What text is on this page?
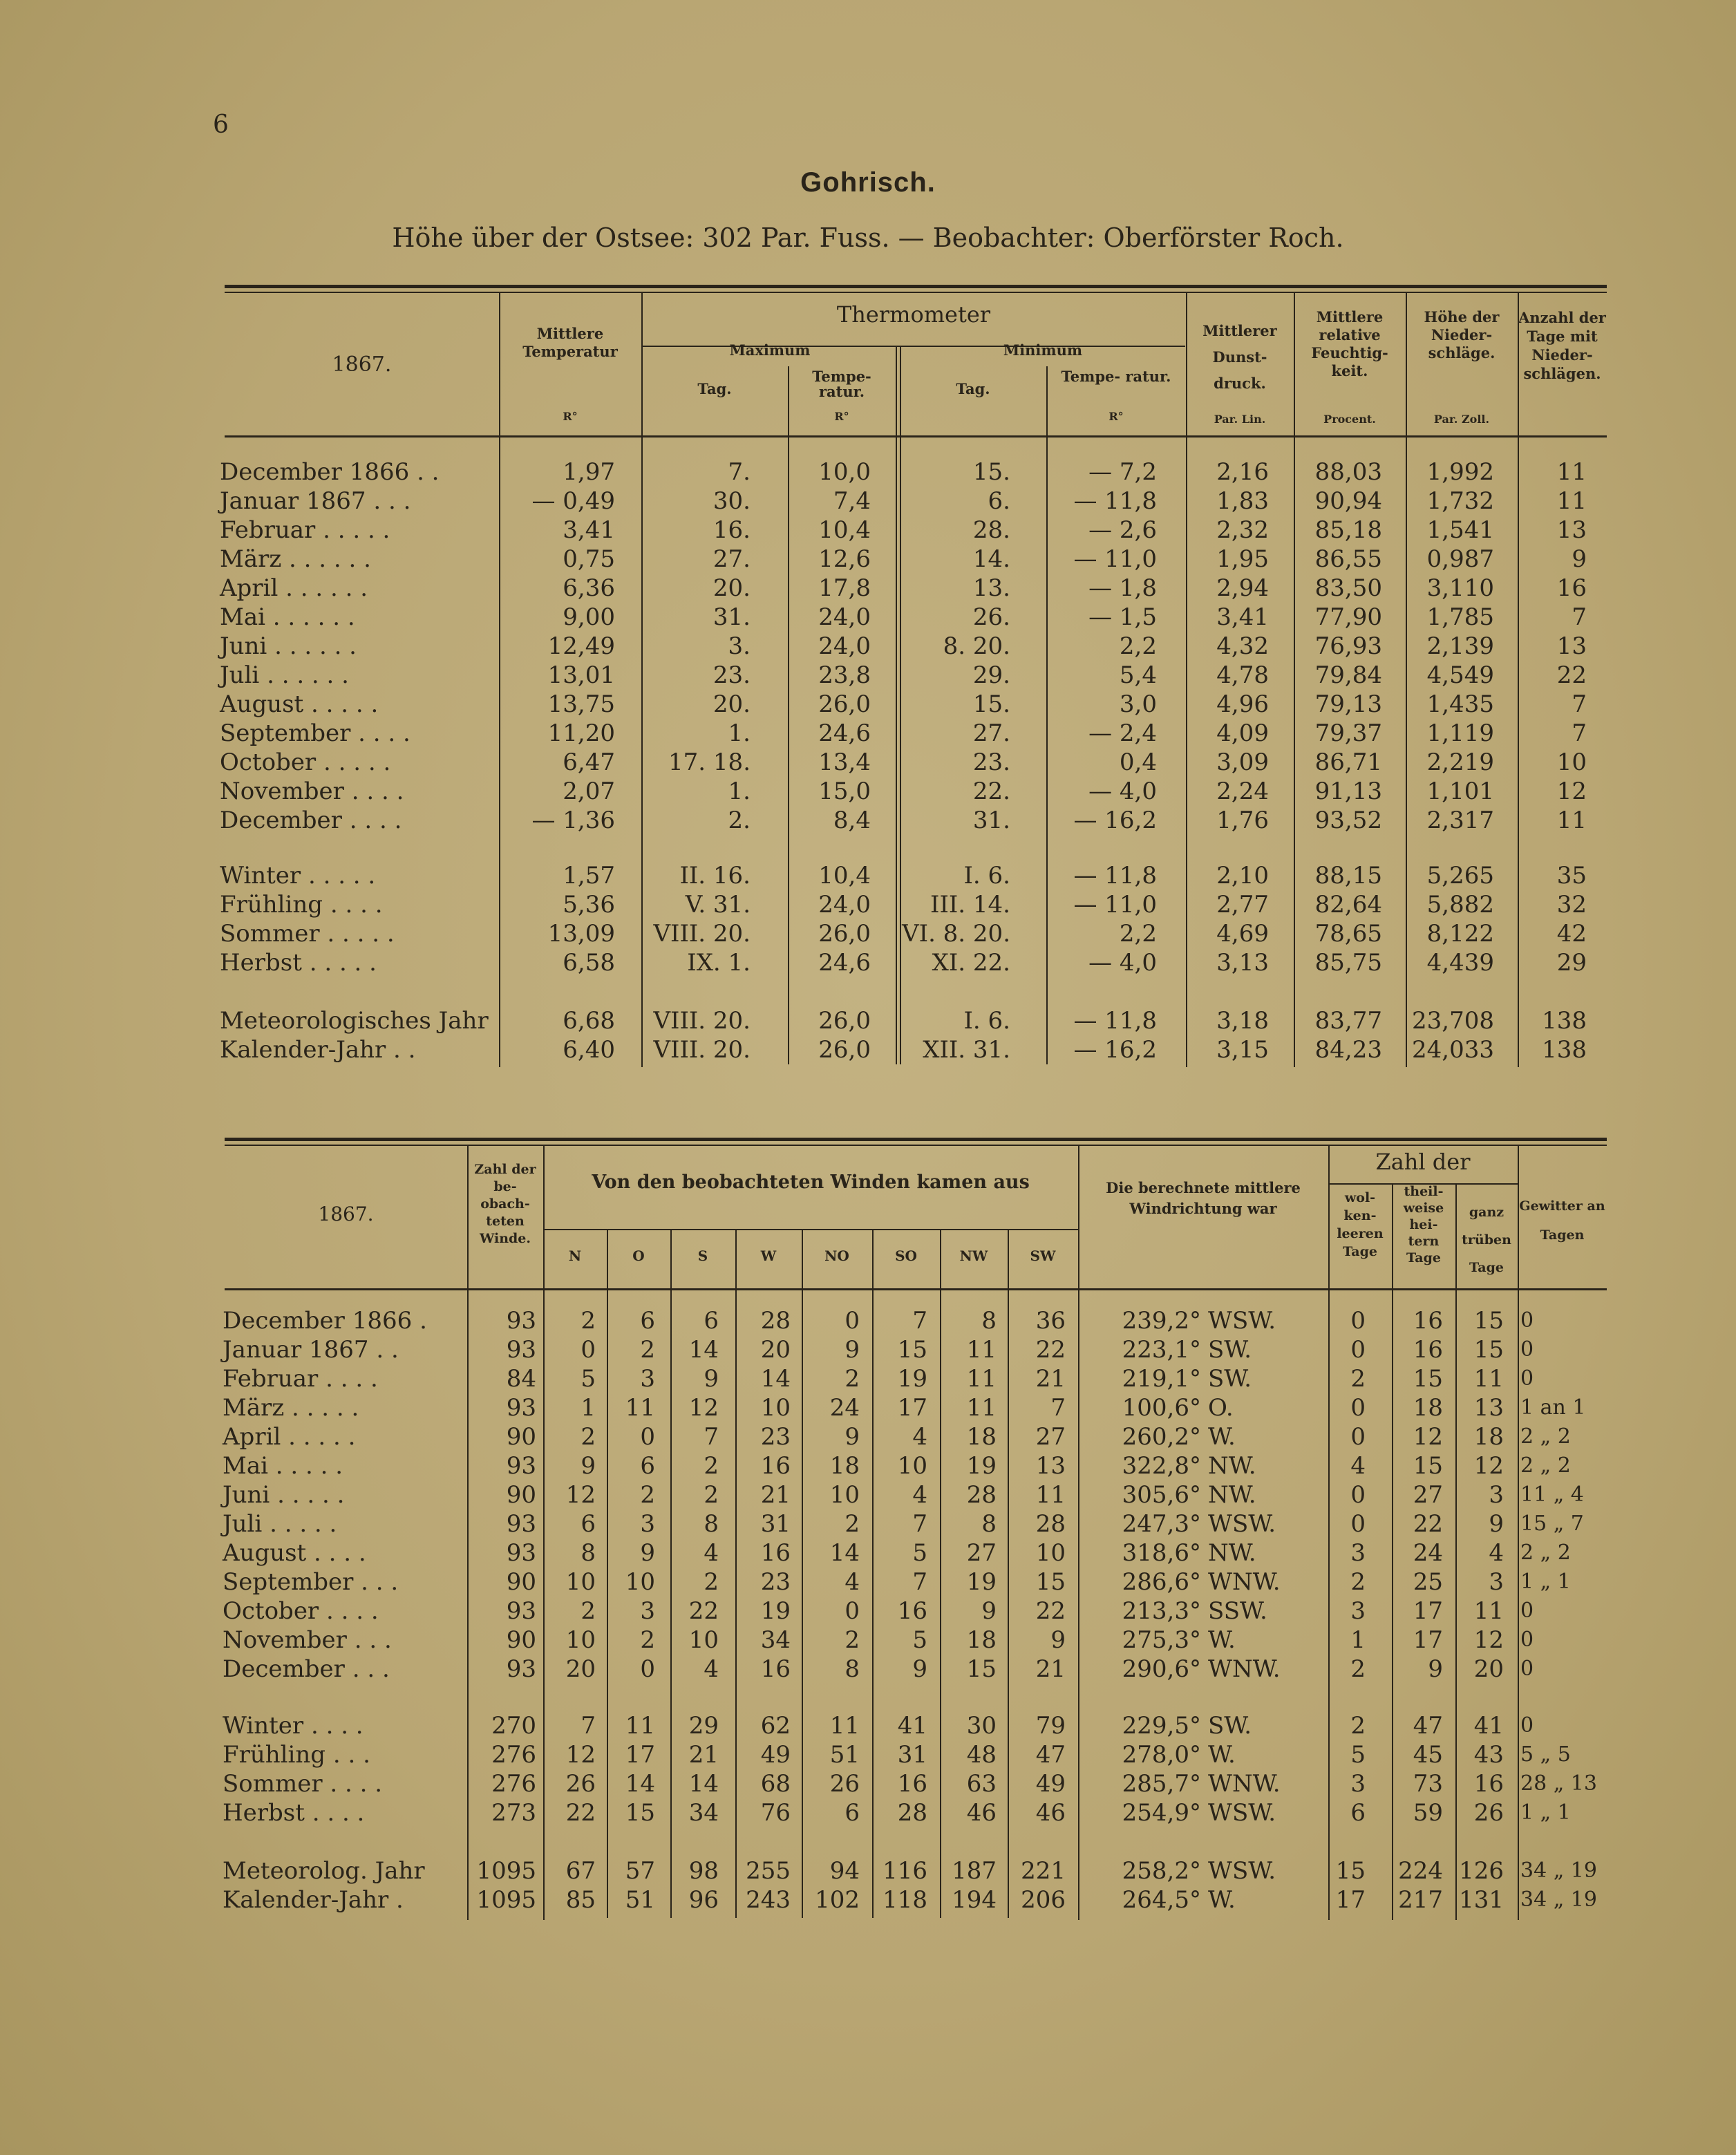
6
Gohrisch.
Höhe über der Ostsee: 302 Par. Fuss. — Beobachter: Oberförster Roch.
1867.
Mittlere Temperatur
R°
Thermometer
Maximum	Minimum
Tag.
Tempe- ratur.
R°
Tag.
Tempe- ratur.
R°
Mittlerer Dunst- druck.
Par. Lin.
Mittlere relative Feuchtig- keit.
Procent.
Höhe der Nieder- schläge.
Par. Zoll.
Anzahl der Tage mit Nieder- schlägen.
December 1866 . .	1,97	7.	10,0	15.	— 7,2	2,16	88,03	1,992	11
Januar 1867 . . .	— 0,49	30.	7,4	6.	— 11,8	1,83	90,94	1,732	11
Februar . . . . .	3,41	16.	10,4	28.	— 2,6	2,32	85,18	1,541	13
März . . . . . .	0,75	27.	12,6	14.	— 11,0	1,95	86,55	0,987	9
April . . . . . .	6,36	20.	17,8	13.	— 1,8	2,94	83,50	3,110	16
Mai . . . . . .	9,00	31.	24,0	26.	— 1,5	3,41	77,90	1,785	7
Juni . . . . . .	12,49	3.	24,0	8. 20.	2,2	4,32	76,93	2,139	13
Juli . . . . . .	13,01	23.	23,8	29.	5,4	4,78	79,84	4,549	22
August . . . . .	13,75	20.	26,0	15.	3,0	4,96	79,13	1,435	7
September . . . .	11,20	1.	24,6	27.	— 2,4	4,09	79,37	1,119	7
October . . . . .	6,47	17. 18.	13,4	23.	0,4	3,09	86,71	2,219	10
November . . . .	2,07	1.	15,0	22.	— 4,0	2,24	91,13	1,101	12
December . . . .	— 1,36	2.	8,4	31.	— 16,2	1,76	93,52	2,317	11
Winter . . . . .	1,57	II. 16.	10,4	I. 6.	— 11,8	2,10	88,15	5,265	35
Frühling . . . .	5,36	V. 31.	24,0	III. 14.	— 11,0	2,77	82,64	5,882	32
Sommer . . . . .	13,09	VIII. 20.	26,0 VI. 8. 20.	2,2	4,69	78,65	8,122	42
Herbst . . . . .	6,58	IX. 1.	24,6	XI. 22.	— 4,0	3,13	85,75	4,439	29
Meteorologisches Jahr	6,68	VIII. 20.	26,0	I. 6.	— 11,8	3,18	83,77 23,708	138
Kalender-Jahr . .	6,40	VIII. 20.	26,0	XII. 31.	— 16,2	3,15	84,23 24,033	138
1867.
Zahl der be- obach- teten Winde.
Von den beobachteten Winden kamen aus
N	O	S	W	NO	SO	NW	SW
Die berechnete mittlere Windrichtung war
Zahl der
wol- ken- leeren Tage
theil- weise hei- tern Tage
ganz trüben Tage
Gewitter an Tagen
December 1866 .	93	2	6	6	28	0	7	8	36	239,2° WSW.	0	16	15 0
Januar 1867 . .	93	0	2	14	20	9	15	11	22	223,1° SW.	0	16	15 0
Februar . . . .	84	5	3	9	14	2	19	11	21	219,1° SW.	2	15	11 0
März . . . . .	93	1	11	12	10	24	17	11	7	100,6° O.	0	18	13 1 an 1
April . . . . .	90	2	0	7	23	9	4	18	27	260,2° W.	0	12	18 2 „ 2
Mai . . . . .	93	9	6	2	16	18	10	19	13	322,8° NW.	4	15	12 2 „ 2
Juni . . . . .	90	12	2	2	21	10	4	28	11	305,6° NW.	0	27	3 11 „ 4
Juli . . . . .	93	6	3	8	31	2	7	8	28	247,3° WSW.	0	22	9 15 „ 7
August . . . .	93	8	9	4	16	14	5	27	10	318,6° NW.	3	24	4 2 „ 2
September . . .	90	10	10	2	23	4	7	19	15	286,6° WNW.	2	25	3 1 „ 1
October . . . .	93	2	3	22	19	0	16	9	22	213,3° SSW.	3	17	11 0
November . . .	90	10	2	10	34	2	5	18	9	275,3° W.	1	17	12 0
December . . .	93	20	0	4	16	8	9	15	21	290,6° WNW.	2	9	20 0
Winter . . . .	270	7	11	29	62	11	41	30	79	229,5° SW.	2	47	41 0
Frühling . . .	276	12	17	21	49	51	31	48	47	278,0° W.	5	45	43 5 „ 5
Sommer . . . .	276	26	14	14	68	26	16	63	49	285,7° WNW.	3	73	16 28 „ 13
Herbst . . . .	273	22	15	34	76	6	28	46	46	254,9° WSW.	6	59	26 1 „ 1
Meteorolog. Jahr	1095	67	57	98	255	94 116	187	221	258,2° WSW.	15 224 126 34 „ 19
Kalender-Jahr .	1095	85	51	96	243	102 118	194	206	264,5° W.	17 217 131 34 „ 19
